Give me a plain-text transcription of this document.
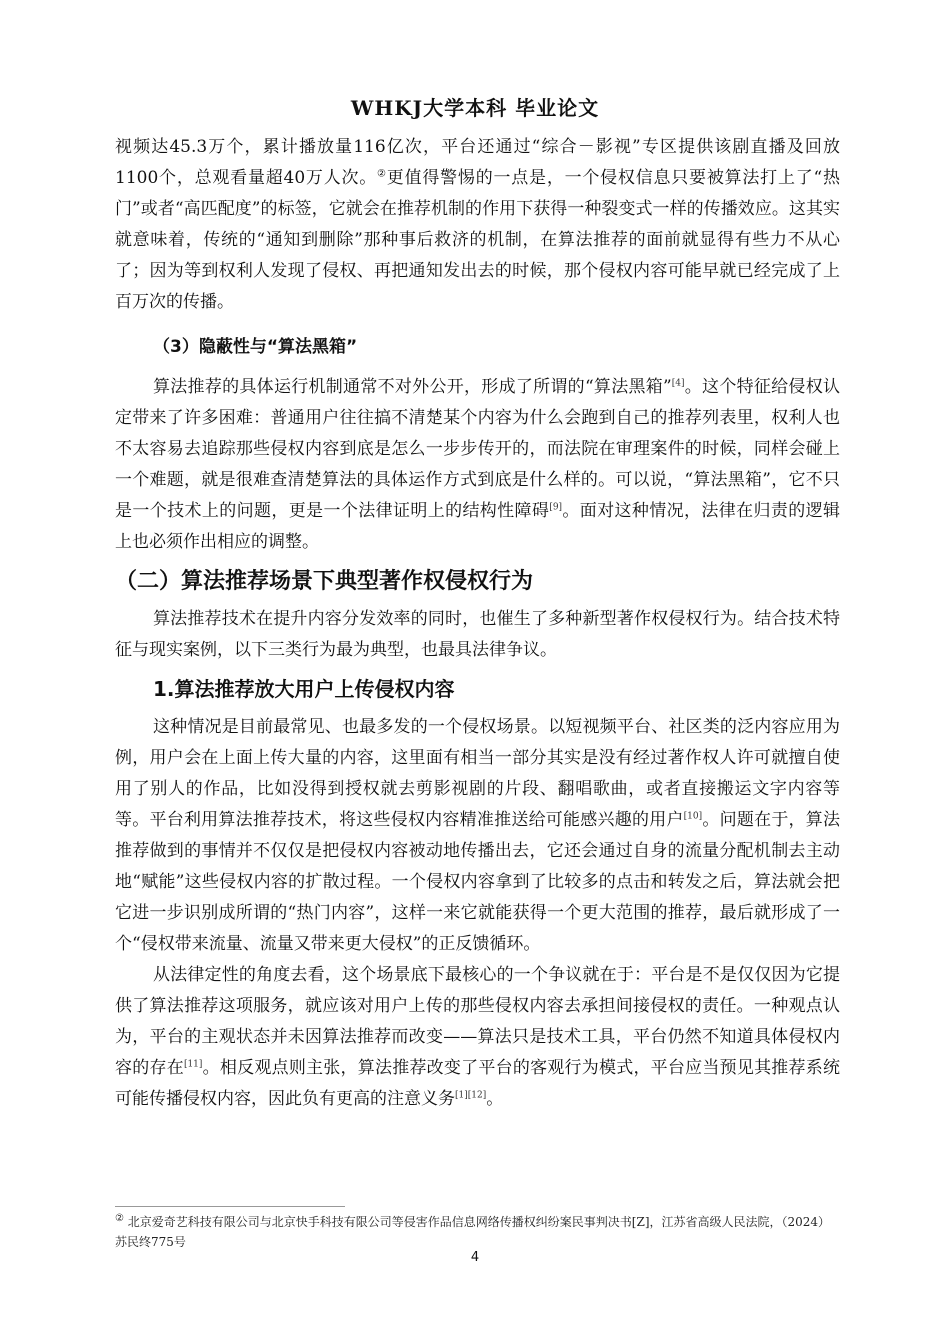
WHKJ大学本科 毕业论文

视频达45.3万个，累计播放量116亿次，平台还通过“综合－影视”专区提供该剧直播及回放1100个，总观看量超40万人次。②更值得警惕的一点是，一个侵权信息只要被算法打上了“热门”或者“高匹配度”的标签，它就会在推荐机制的作用下获得一种裂变式一样的传播效应。这其实就意味着，传统的“通知到删除”那种事后救济的机制，在算法推荐的面前就显得有些力不从心了；因为等到权利人发现了侵权、再把通知发出去的时候，那个侵权内容可能早就已经完成了上百万次的传播。

（3）隐蔽性与“算法黑箱”

算法推荐的具体运行机制通常不对外公开，形成了所谓的“算法黑箱”[4]。这个特征给侵权认定带来了许多困难：普通用户往往搞不清楚某个内容为什么会跑到自己的推荐列表里，权利人也不太容易去追踪那些侵权内容到底是怎么一步步传开的，而法院在审理案件的时候，同样会碰上一个难题，就是很难查清楚算法的具体运作方式到底是什么样的。可以说，“算法黑箱”，它不只是一个技术上的问题，更是一个法律证明上的结构性障碍[9]。面对这种情况，法律在归责的逻辑上也必须作出相应的调整。

（二）算法推荐场景下典型著作权侵权行为

算法推荐技术在提升内容分发效率的同时，也催生了多种新型著作权侵权行为。结合技术特征与现实案例，以下三类行为最为典型，也最具法律争议。

1.算法推荐放大用户上传侵权内容

这种情况是目前最常见、也最多发的一个侵权场景。以短视频平台、社区类的泛内容应用为例，用户会在上面上传大量的内容，这里面有相当一部分其实是没有经过著作权人许可就擅自使用了别人的作品，比如没得到授权就去剪影视剧的片段、翻唱歌曲，或者直接搬运文字内容等等。平台利用算法推荐技术，将这些侵权内容精准推送给可能感兴趣的用户[10]。问题在于，算法推荐做到的事情并不仅仅是把侵权内容被动地传播出去，它还会通过自身的流量分配机制去主动地“赋能”这些侵权内容的扩散过程。一个侵权内容拿到了比较多的点击和转发之后，算法就会把它进一步识别成所谓的“热门内容”，这样一来它就能获得一个更大范围的推荐，最后就形成了一个“侵权带来流量、流量又带来更大侵权”的正反馈循环。

从法律定性的角度去看，这个场景底下最核心的一个争议就在于：平台是不是仅仅因为它提供了算法推荐这项服务，就应该对用户上传的那些侵权内容去承担间接侵权的责任。一种观点认为，平台的主观状态并未因算法推荐而改变——算法只是技术工具，平台仍然不知道具体侵权内容的存在[11]。相反观点则主张，算法推荐改变了平台的客观行为模式，平台应当预见其推荐系统可能传播侵权内容，因此负有更高的注意义务[1][12]。

② 北京爱奇艺科技有限公司与北京快手科技有限公司等侵害作品信息网络传播权纠纷案民事判决书[Z]，江苏省高级人民法院，（2024）苏民终775号
4
